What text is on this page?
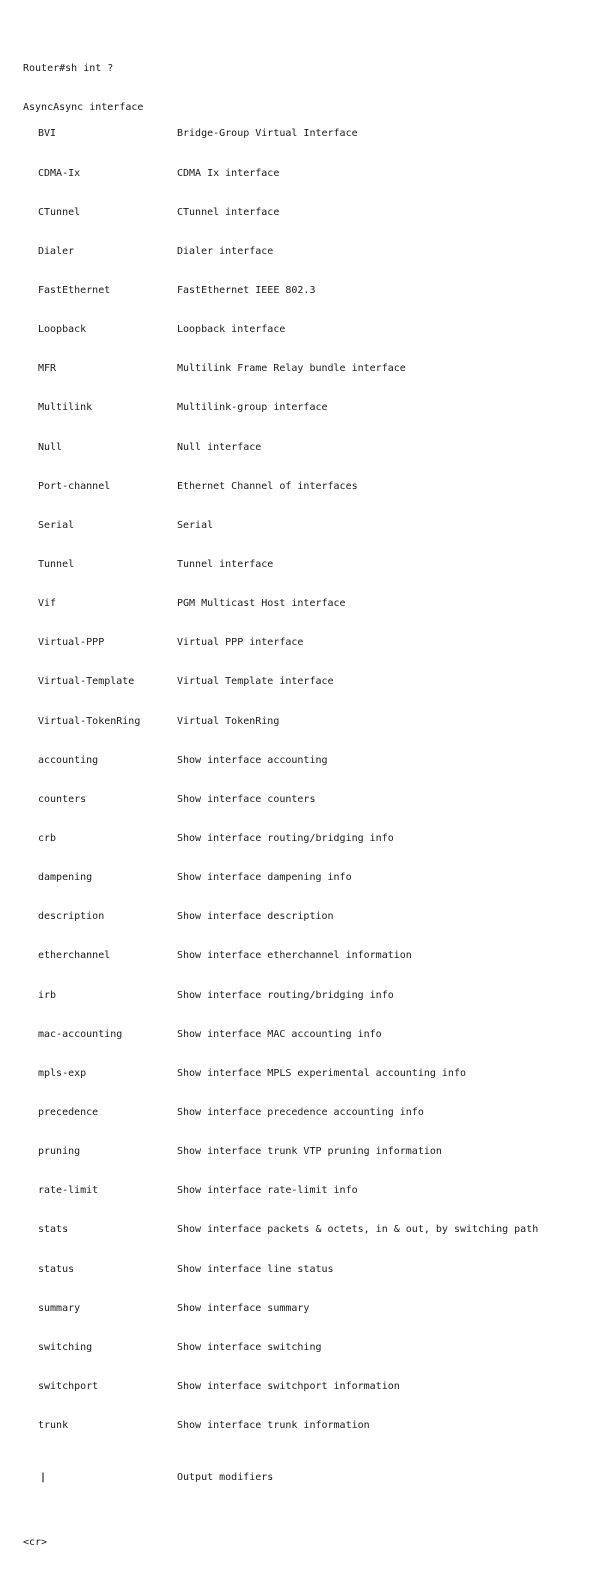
Router#sh int ?

AsyncAsync interface

BVI	Bridge-Group Virtual Interface

CDMA-Ix	CDMA Ix interface

CTunnel	CTunnel interface

Dialer	Dialer interface

FastEthernet	FastEthernet IEEE 802.3

Loopback	Loopback interface

MFR	Multilink Frame Relay bundle interface

Multilink	Multilink-group interface

Null	Null interface

Port-channel	Ethernet Channel of interfaces

Serial	Serial

Tunnel	Tunnel interface

Vif	PGM Multicast Host interface

Virtual-PPP	Virtual PPP interface

Virtual-Template	Virtual Template interface

Virtual-TokenRing	Virtual TokenRing

accounting	Show interface accounting

counters	Show interface counters

crb	Show interface routing/bridging info

dampening	Show interface dampening info

description	Show interface description

etherchannel	Show interface etherchannel information

irb	Show interface routing/bridging info

mac-accounting	Show interface MAC accounting info

mpls-exp	Show interface MPLS experimental accounting info

precedence	Show interface precedence accounting info

pruning	Show interface trunk VTP pruning information

rate-limit	Show interface rate-limit info

stats	Show interface packets & octets, in & out, by switching path

status	Show interface line status

summary	Show interface summary

switching	Show interface switching

switchport	Show interface switchport information

trunk	Show interface trunk information

|	Output modifiers

<cr>
